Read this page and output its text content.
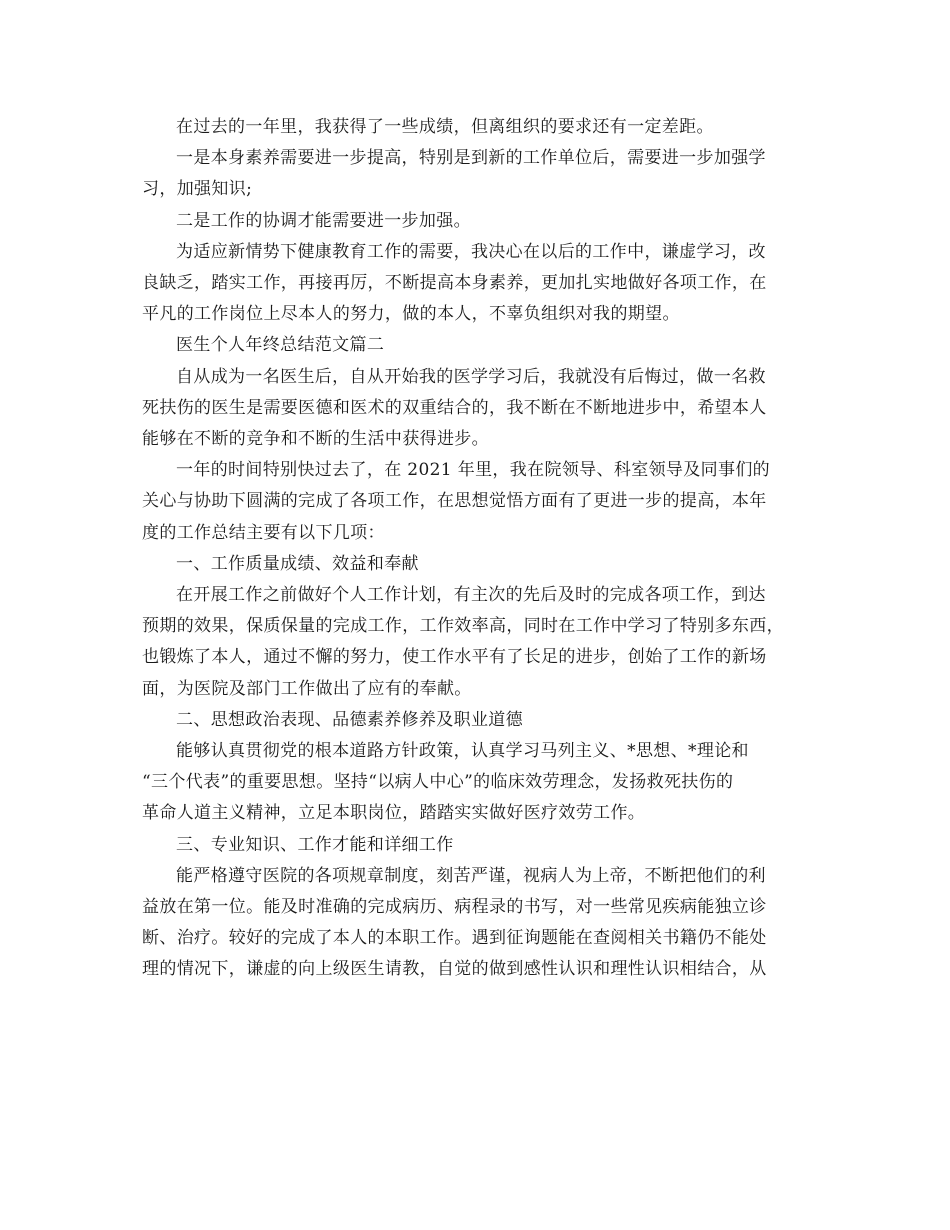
在过去的一年里，我获得了一些成绩，但离组织的要求还有一定差距。

一是本身素养需要进一步提高，特别是到新的工作单位后，需要进一步加强学
习，加强知识;

二是工作的协调才能需要进一步加强。

为适应新情势下健康教育工作的需要，我决心在以后的工作中，谦虚学习，改
良缺乏，踏实工作，再接再厉，不断提高本身素养，更加扎实地做好各项工作，在
平凡的工作岗位上尽本人的努力，做的本人，不辜负组织对我的期望。

医生个人年终总结范文篇二

自从成为一名医生后，自从开始我的医学学习后，我就没有后悔过，做一名救
死扶伤的医生是需要医德和医术的双重结合的，我不断在不断地进步中，希望本人
能够在不断的竞争和不断的生活中获得进步。

一年的时间特别快过去了，在 2021 年里，我在院领导、科室领导及同事们的
关心与协助下圆满的完成了各项工作，在思想觉悟方面有了更进一步的提高，本年
度的工作总结主要有以下几项：

一、工作质量成绩、效益和奉献

在开展工作之前做好个人工作计划，有主次的先后及时的完成各项工作，到达
预期的效果，保质保量的完成工作，工作效率高，同时在工作中学习了特别多东西，
也锻炼了本人，通过不懈的努力，使工作水平有了长足的进步，创始了工作的新场
面，为医院及部门工作做出了应有的奉献。

二、思想政治表现、品德素养修养及职业道德

能够认真贯彻党的根本道路方针政策，认真学习马列主义、*思想、*理论和
“三个代表”的重要思想。坚持“以病人中心”的临床效劳理念，发扬救死扶伤的
革命人道主义精神，立足本职岗位，踏踏实实做好医疗效劳工作。

三、专业知识、工作才能和详细工作

能严格遵守医院的各项规章制度，刻苦严谨，视病人为上帝，不断把他们的利
益放在第一位。能及时准确的完成病历、病程录的书写，对一些常见疾病能独立诊
断、治疗。较好的完成了本人的本职工作。遇到征询题能在查阅相关书籍仍不能处
理的情况下，谦虚的向上级医生请教，自觉的做到感性认识和理性认识相结合，从
